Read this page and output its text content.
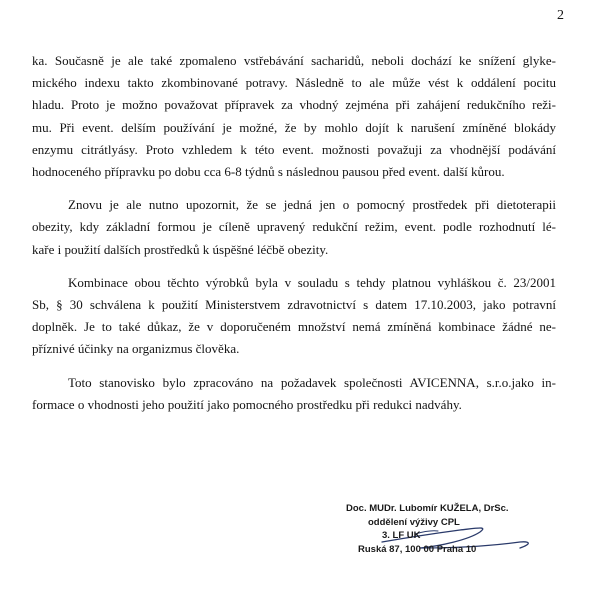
2

ka. Současně je ale také zpomaleno vstřebávání sacharidů, neboli dochází ke snížení glyke-
mického indexu takto zkombinované potravy. Následně to ale může vést k oddálení pocitu
hladu. Proto je možno považovat přípravek za vhodný zejména při zahájení redukčního reži-
mu. Při event. delším používání je možné, že by mohlo dojít k narušení zmíněné blokády
enzymu citrátlyásy. Proto vzhledem k této event. možnosti považuji za vhodnější podávání
hodnoceného přípravku po dobu cca 6-8 týdnů s následnou pausou před event. další kůrou.

Znovu je ale nutno upozornit, že se jedná jen o pomocný prostředek při dietoterapii
obezity, kdy základní formou je cíleně upravený redukční režim, event. podle rozhodnutí lé-
kaře i použití dalších prostředků k úspěšné léčbě obezity.

Kombinace obou těchto výrobků byla v souladu s tehdy platnou vyhláškou č. 23/2001
Sb, § 30 schválena k použití Ministerstvem zdravotnictví s datem 17.10.2003, jako potravní
doplněk. Je to také důkaz, že v doporučeném množství nemá zmíněná kombinace žádné ne-
příznivé účinky na organizmus člověka.

Toto stanovisko bylo zpracováno na požadavek společnosti AVICENNA, s.r.o.jako in-
formace o vhodnosti jeho použití jako pomocného prostředku při redukci nadváhy.

Doc. MUDr. Lubomír KUŽELA, DrSc.
oddělení výživy CPL
3. LF UK
Ruská 87, 100 00 Praha 10
